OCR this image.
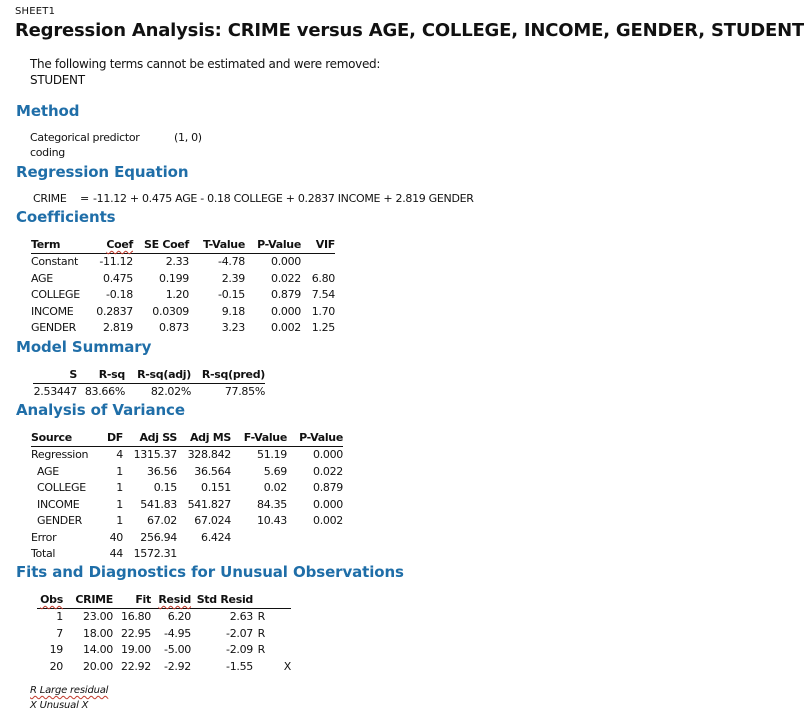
SHEET1
Regression Analysis: CRIME versus AGE, COLLEGE, INCOME, GENDER, STUDENT
The following terms cannot be estimated and were removed:
STUDENT
Method
Categorical predictor
coding
(1, 0)
Regression Equation
CRIME = -11.12 + 0.475 AGE - 0.18 COLLEGE + 0.2837 INCOME + 2.819 GENDER
Coefficients
Term	Coef	SE Coef	T-Value	P-Value	VIF
Constant	-11.12	2.33	-4.78	0.000	
AGE	0.475	0.199	2.39	0.022	6.80
COLLEGE	-0.18	1.20	-0.15	0.879	7.54
INCOME	0.2837	0.0309	9.18	0.000	1.70
GENDER	2.819	0.873	3.23	0.002	1.25
Model Summary
S	R-sq	R-sq(adj)	R-sq(pred)
2.53447	83.66%	82.02%	77.85%
Analysis of Variance
Source	DF	Adj SS	Adj MS	F-Value	P-Value
Regression	4	1315.37	328.842	51.19	0.000
AGE	1	36.56	36.564	5.69	0.022
COLLEGE	1	0.15	0.151	0.02	0.879
INCOME	1	541.83	541.827	84.35	0.000
GENDER	1	67.02	67.024	10.43	0.002
Error	40	256.94	6.424		
Total	44	1572.31			
Fits and Diagnostics for Unusual Observations
Obs	CRIME	Fit	Resid	Std Resid		
1	23.00	16.80	6.20	2.63	R	
7	18.00	22.95	-4.95	-2.07	R	
19	14.00	19.00	-5.00	-2.09	R	
20	20.00	22.92	-2.92	-1.55		X
R Large residual
X Unusual X
